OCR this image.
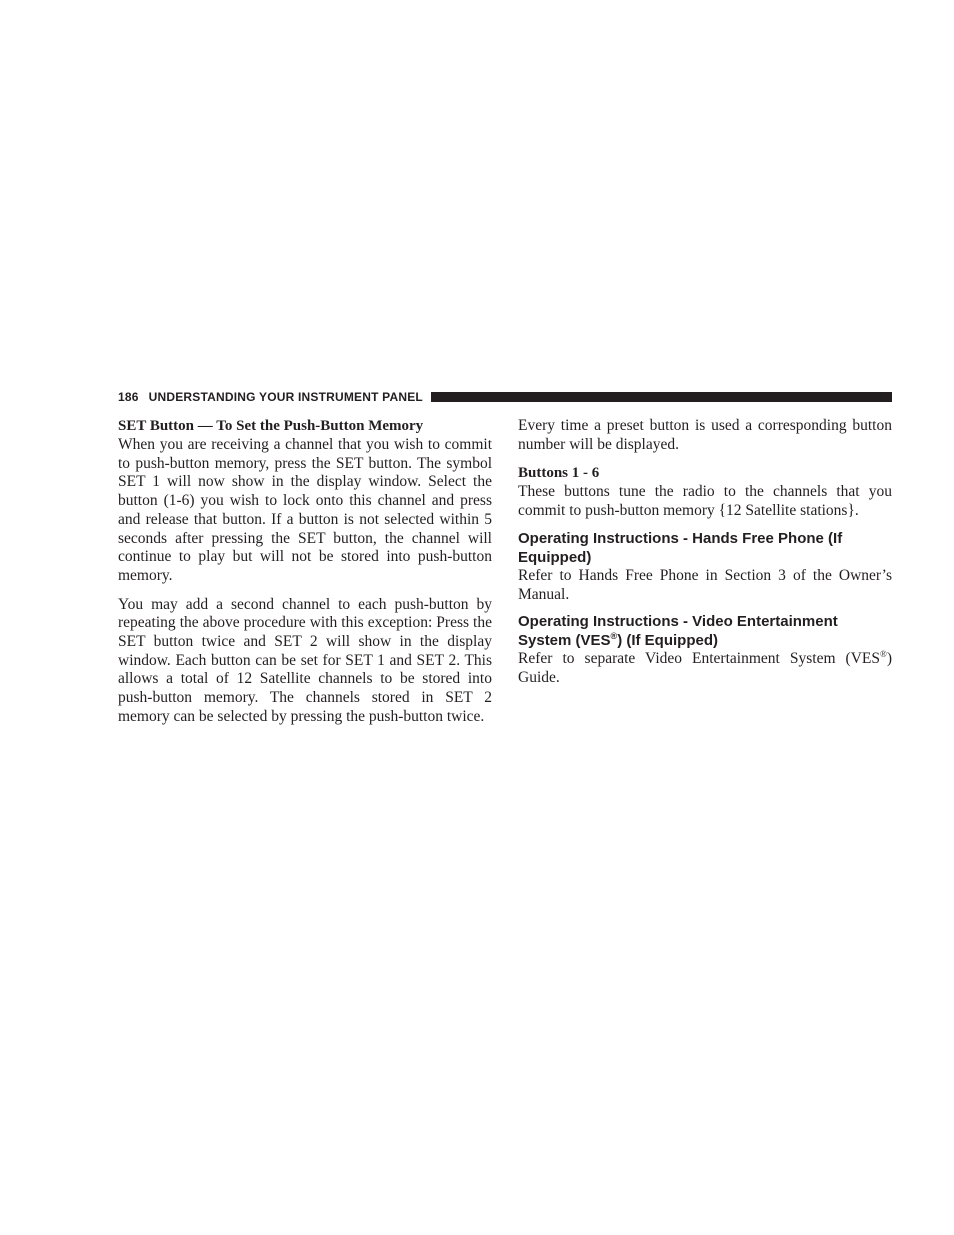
186 UNDERSTANDING YOUR INSTRUMENT PANEL
SET Button — To Set the Push-Button Memory

When you are receiving a channel that you wish to commit to push-button memory, press the SET button. The symbol SET 1 will now show in the display window. Select the button (1-6) you wish to lock onto this channel and press and release that button. If a button is not selected within 5 seconds after pressing the SET button, the channel will continue to play but will not be stored into push-button memory.

You may add a second channel to each push-button by repeating the above procedure with this exception: Press the SET button twice and SET 2 will show in the display window. Each button can be set for SET 1 and SET 2. This allows a total of 12 Satellite channels to be stored into push-button memory. The channels stored in SET 2 memory can be selected by pressing the push-button twice.

Every time a preset button is used a corresponding button number will be displayed.

Buttons 1 - 6

These buttons tune the radio to the channels that you commit to push-button memory {12 Satellite stations}.

Operating Instructions - Hands Free Phone (If Equipped)

Refer to Hands Free Phone in Section 3 of the Owner’s Manual.

Operating Instructions - Video Entertainment System (VES®) (If Equipped)

Refer to separate Video Entertainment System (VES®) Guide.
